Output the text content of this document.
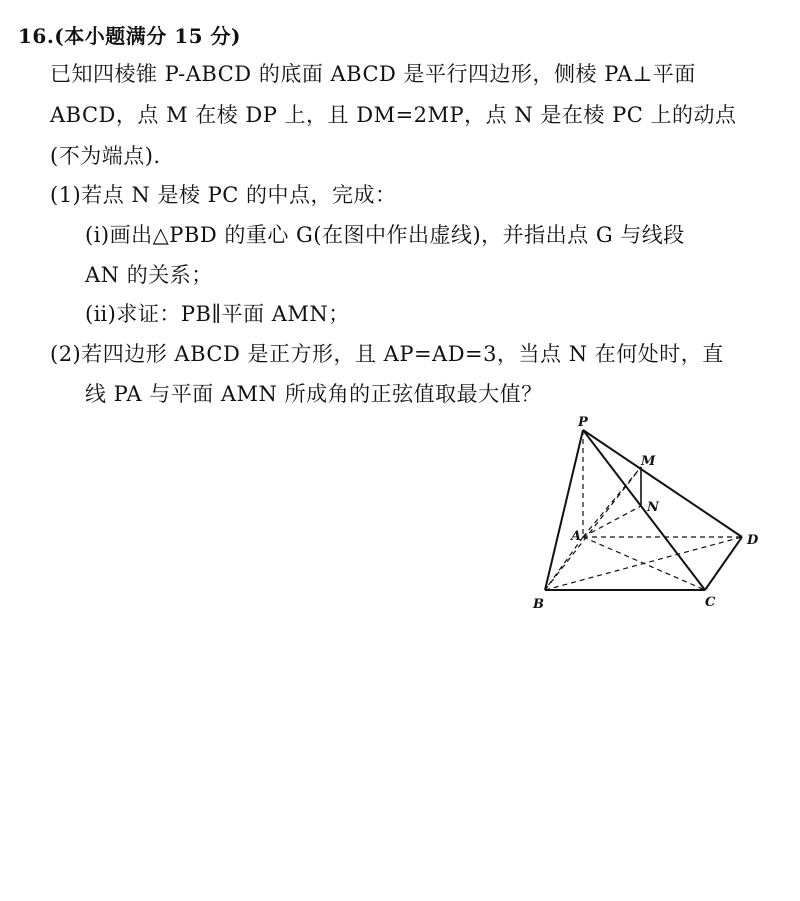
16.(本小题满分 15 分)
已知四棱锥 P-ABCD 的底面 ABCD 是平行四边形，侧棱 PA⊥平面
ABCD，点 M 在棱 DP 上，且 DM=2MP，点 N 是在棱 PC 上的动点
(不为端点).
(1)若点 N 是棱 PC 的中点，完成：
(ⅰ)画出△PBD 的重心 G(在图中作出虚线)，并指出点 G 与线段
AN 的关系；
(ⅱ)求证：PB∥平面 AMN；
(2)若四边形 ABCD 是正方形，且 AP=AD=3，当点 N 在何处时，直
线 PA 与平面 AMN 所成角的正弦值取最大值？
P
M
N
A	D
B	C
